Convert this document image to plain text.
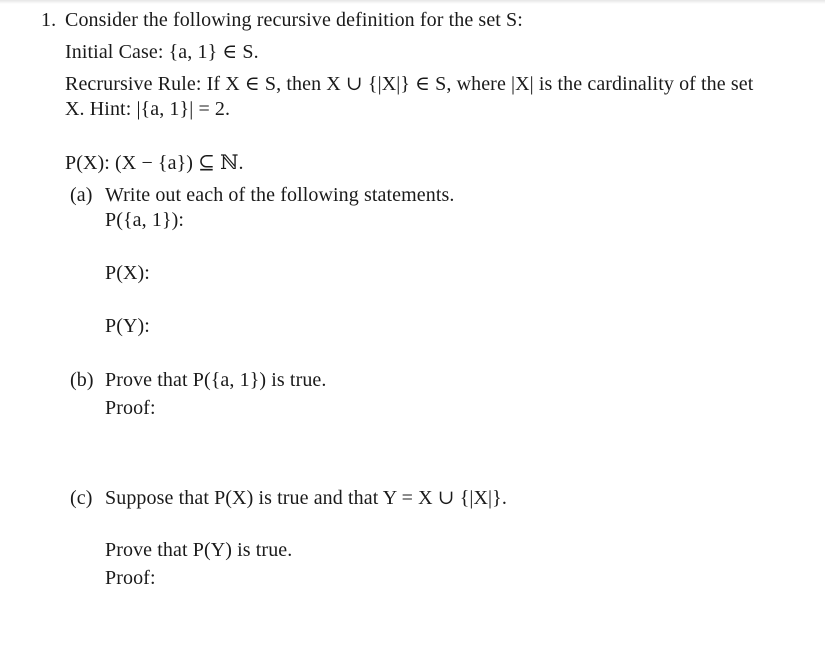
1. Consider the following recursive definition for the set S:
Initial Case: {a, 1} ∈ S.
Recrursive Rule: If X ∈ S, then X ∪ {|X|} ∈ S, where |X| is the cardinality of the set
X. Hint: |{a, 1}| = 2.
P(X): (X − {a}) ⊆ ℕ.
(a) Write out each of the following statements.
P({a, 1}):
P(X):
P(Y):
(b) Prove that P({a, 1}) is true.
Proof:
(c) Suppose that P(X) is true and that Y = X ∪ {|X|}.
Prove that P(Y) is true.
Proof:
